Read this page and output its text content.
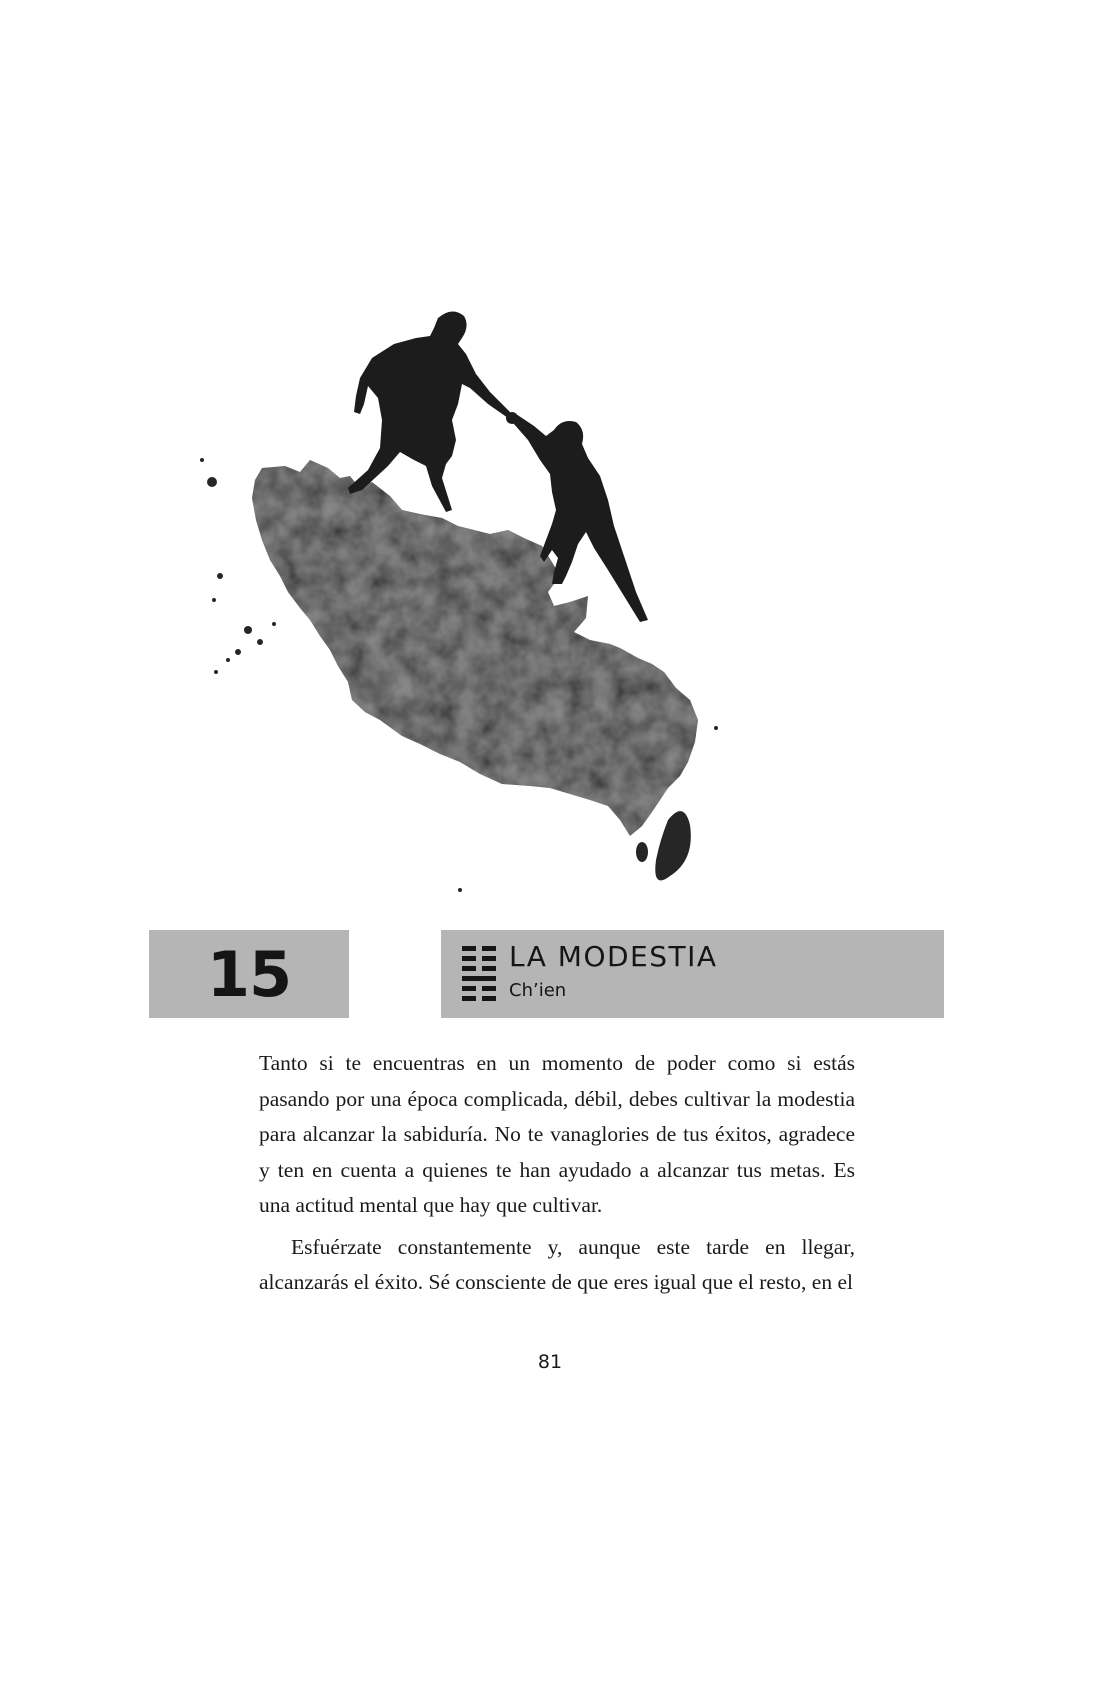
15	LA MODESTIA
Ch’ien

Tanto si te encuentras en un momento de poder como si estás pasando por una época complicada, débil, debes cultivar la modestia para alcanzar la sabiduría. No te vanaglories de tus éxitos, agradece y ten en cuenta a quienes te han ayudado a alcanzar tus metas. Es una actitud mental que hay que cultivar.

Esfuérzate constantemente y, aunque este tarde en llegar, alcanzarás el éxito. Sé consciente de que eres igual que el resto, en el

81
